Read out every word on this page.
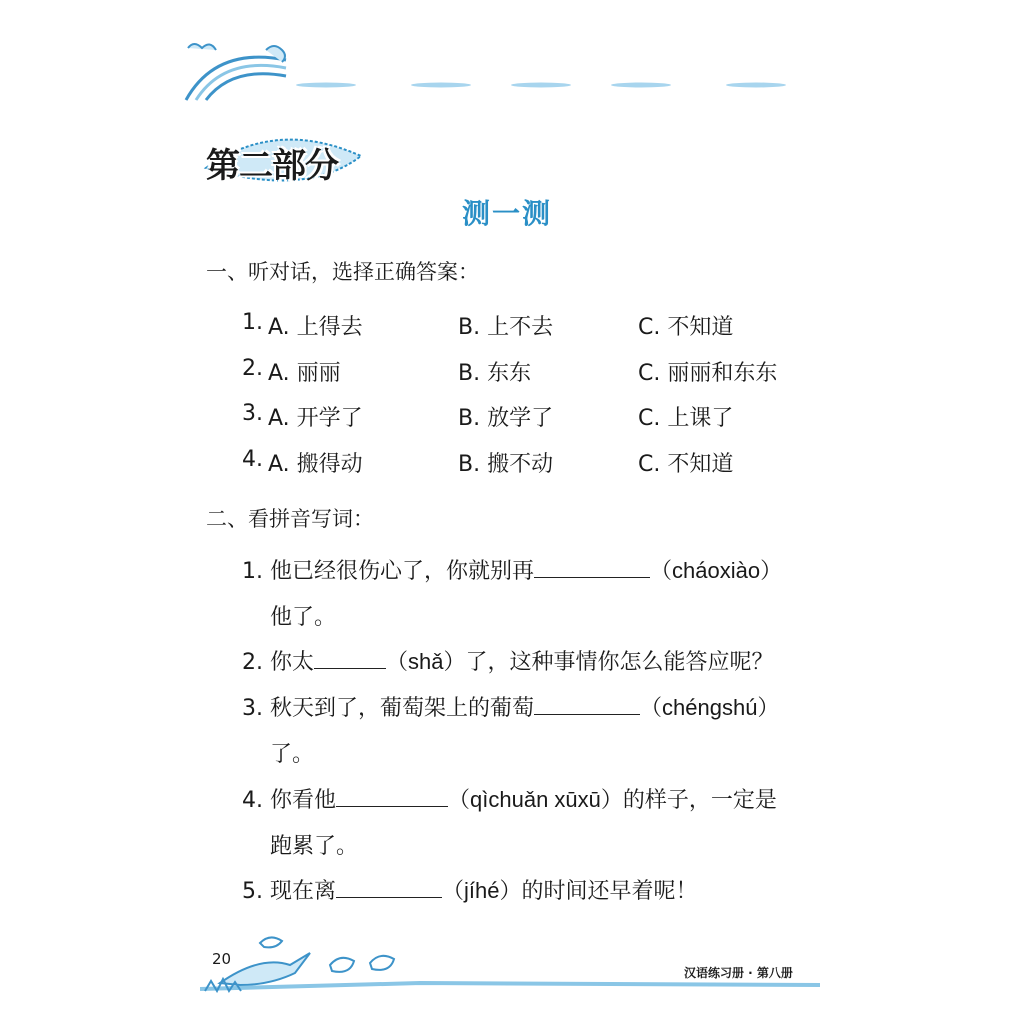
第二部分
测一测
一、听对话，选择正确答案：
1. A. 上得去	B. 上不去	C. 不知道
2. A. 丽丽	B. 东东	C. 丽丽和东东
3. A. 开学了	B. 放学了	C. 上课了
4. A. 搬得动	B. 搬不动	C. 不知道
二、看拼音写词：
1. 他已经很伤心了，你就别再	（cháoxiào）
他了。
2. 你太	（shǎ）了，这种事情你怎么能答应呢？
3. 秋天到了，葡萄架上的葡萄	（chéngshú）
了。
4. 你看他	（qìchuǎn xūxū）的样子，一定是
跑累了。
5. 现在离	（jíhé）的时间还早着呢！
20
汉语练习册 · 第八册
